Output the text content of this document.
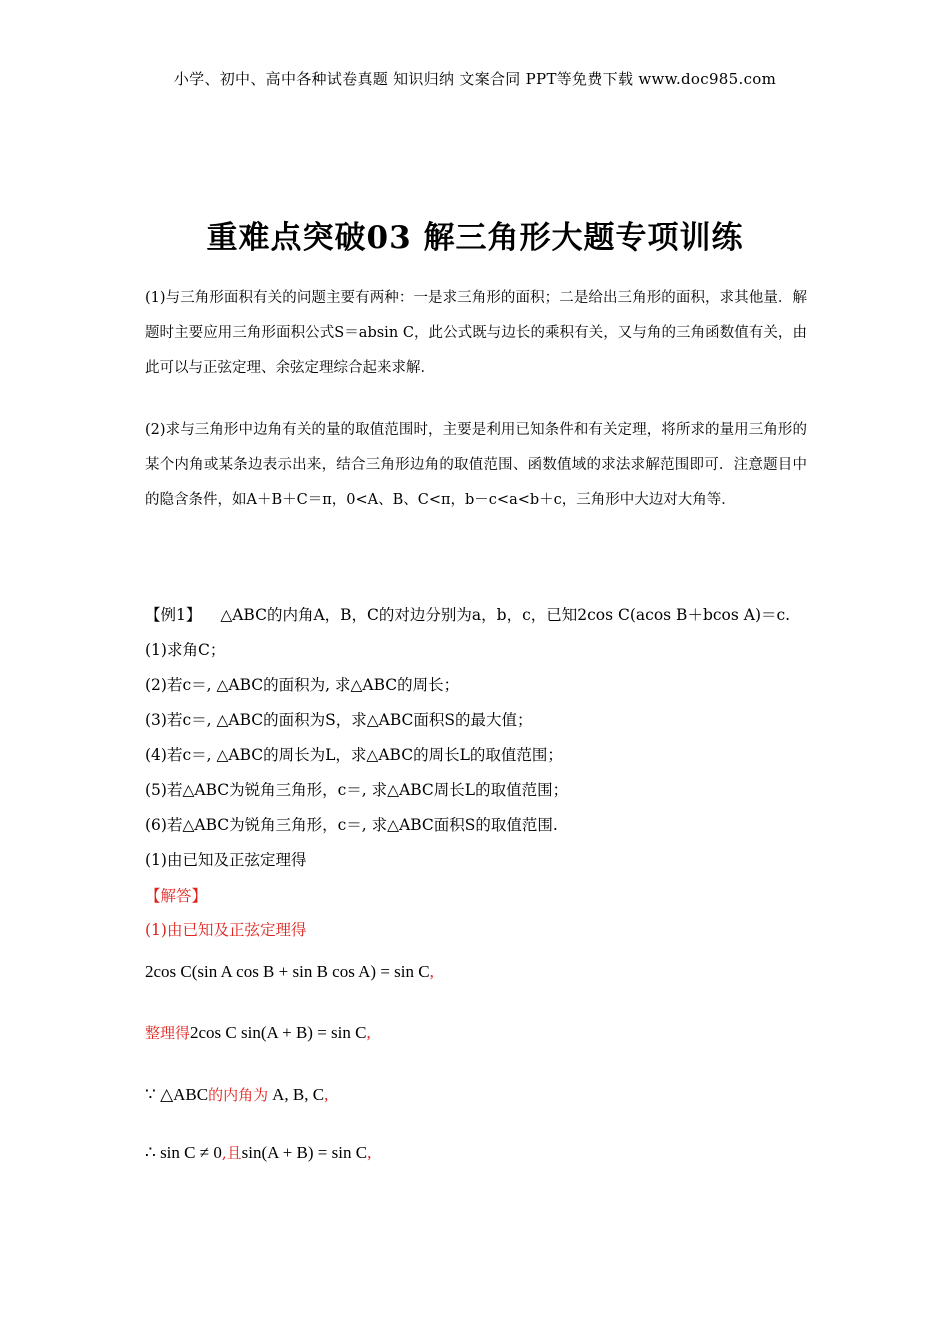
小学、初中、高中各种试卷真题 知识归纳 文案合同 PPT等免费下载 www.doc985.com
重难点突破03 解三角形大题专项训练
(1)与三角形面积有关的问题主要有两种：一是求三角形的面积；二是给出三角形的面积，求其他量．解题时主要应用三角形面积公式S＝absin C，此公式既与边长的乘积有关，又与角的三角函数值有关，由此可以与正弦定理、余弦定理综合起来求解．
(2)求与三角形中边角有关的量的取值范围时，主要是利用已知条件和有关定理，将所求的量用三角形的某个内角或某条边表示出来，结合三角形边角的取值范围、函数值域的求法求解范围即可．注意题目中的隐含条件，如A＋B＋C＝π，0<A、B、C<π，b－c<a<b＋c，三角形中大边对大角等．
【例1】 △ABC的内角A，B，C的对边分别为a，b，c，已知2cos C(acos B＋bcos A)＝c.
(1)求角C；
(2)若c＝, △ABC的面积为, 求△ABC的周长；
(3)若c＝, △ABC的面积为S，求△ABC面积S的最大值；
(4)若c＝, △ABC的周长为L，求△ABC的周长L的取值范围；
(5)若△ABC为锐角三角形，c＝, 求△ABC周长L的取值范围；
(6)若△ABC为锐角三角形，c＝, 求△ABC面积S的取值范围.
(1)由已知及正弦定理得
【解答】
(1)由已知及正弦定理得
2cos C(sin A cos B + sin B cos A) = sin C,
整理得2cos C sin(A + B) = sin C,
∵ △ABC的内角为 A, B, C,
∴ sin C ≠ 0,且sin(A + B) = sin C,
